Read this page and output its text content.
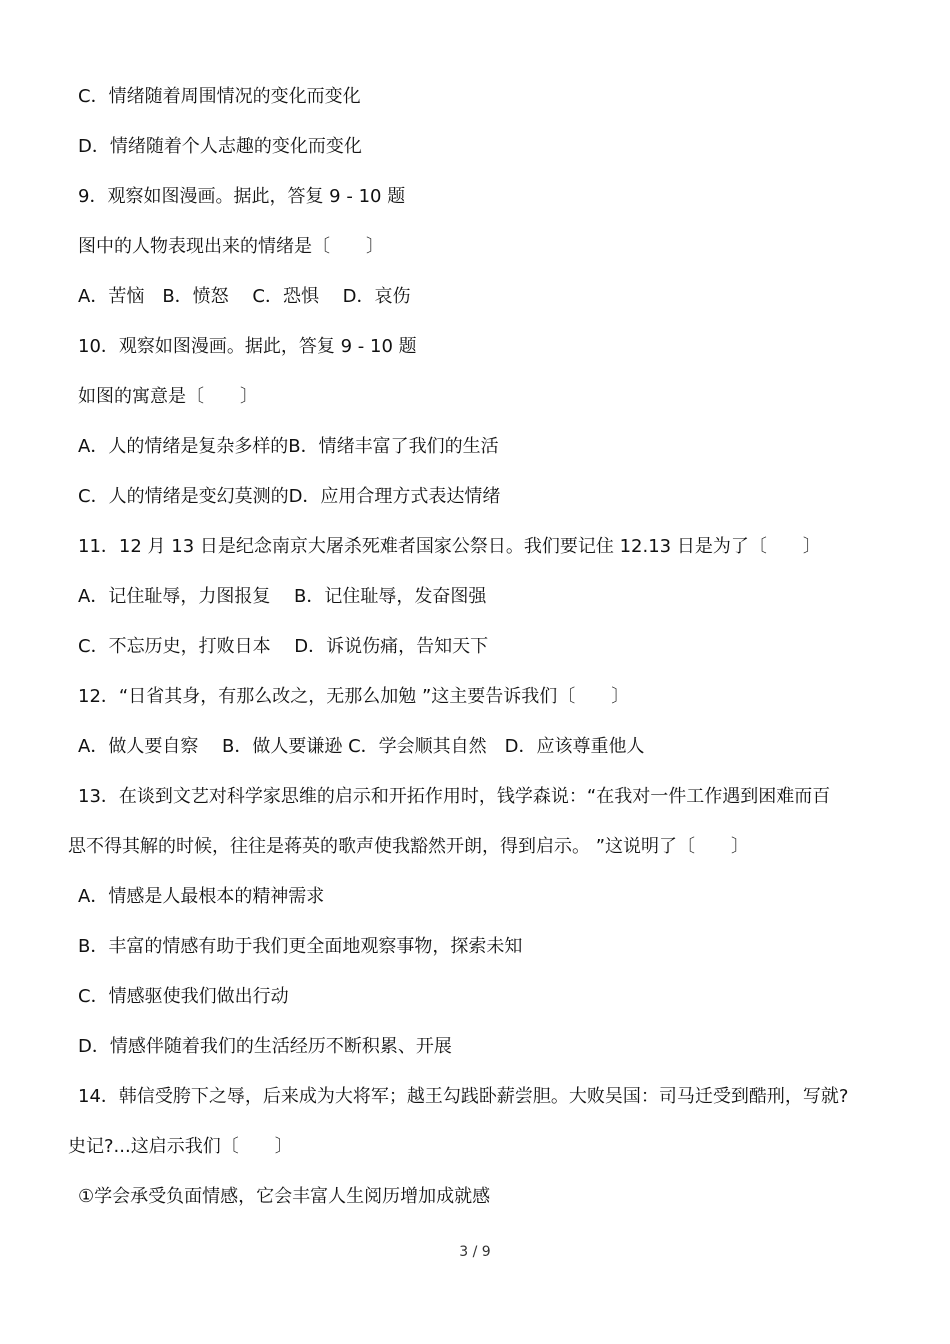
C．情绪随着周围情况的变化而变化
D．情绪随着个人志趣的变化而变化
9．观察如图漫画。据此，答复 9 - 10 题
图中的人物表现出来的情绪是〔　　〕
A．苦恼　B．愤怒　 C．恐惧　 D．哀伤
10．观察如图漫画。据此，答复 9 - 10 题
如图的寓意是〔　　〕
A．人的情绪是复杂多样的B．情绪丰富了我们的生活
C．人的情绪是变幻莫测的D．应用合理方式表达情绪
11．12 月 13 日是纪念南京大屠杀死难者国家公祭日。我们要记住 12.13 日是为了〔　　〕
A．记住耻辱，力图报复　 B．记住耻辱，发奋图强
C．不忘历史，打败日本　 D．诉说伤痛，告知天下
12．“日省其身，有那么改之，无那么加勉 ”这主要告诉我们〔　　〕
A．做人要自察　 B．做人要谦逊 C．学会顺其自然　D．应该尊重他人
13．在谈到文艺对科学家思维的启示和开拓作用时，钱学森说：“在我对一件工作遇到困难而百
思不得其解的时候，往往是蒋英的歌声使我豁然开朗，得到启示。 ”这说明了〔　　〕
A．情感是人最根本的精神需求
B．丰富的情感有助于我们更全面地观察事物，探索未知
C．情感驱使我们做出行动
D．情感伴随着我们的生活经历不断积累、开展
14．韩信受胯下之辱，后来成为大将军；越王勾践卧薪尝胆。大败吴国：司马迁受到酷刑，写就?
史记?...这启示我们〔　　〕
①学会承受负面情感，它会丰富人生阅历增加成就感
3 / 9
